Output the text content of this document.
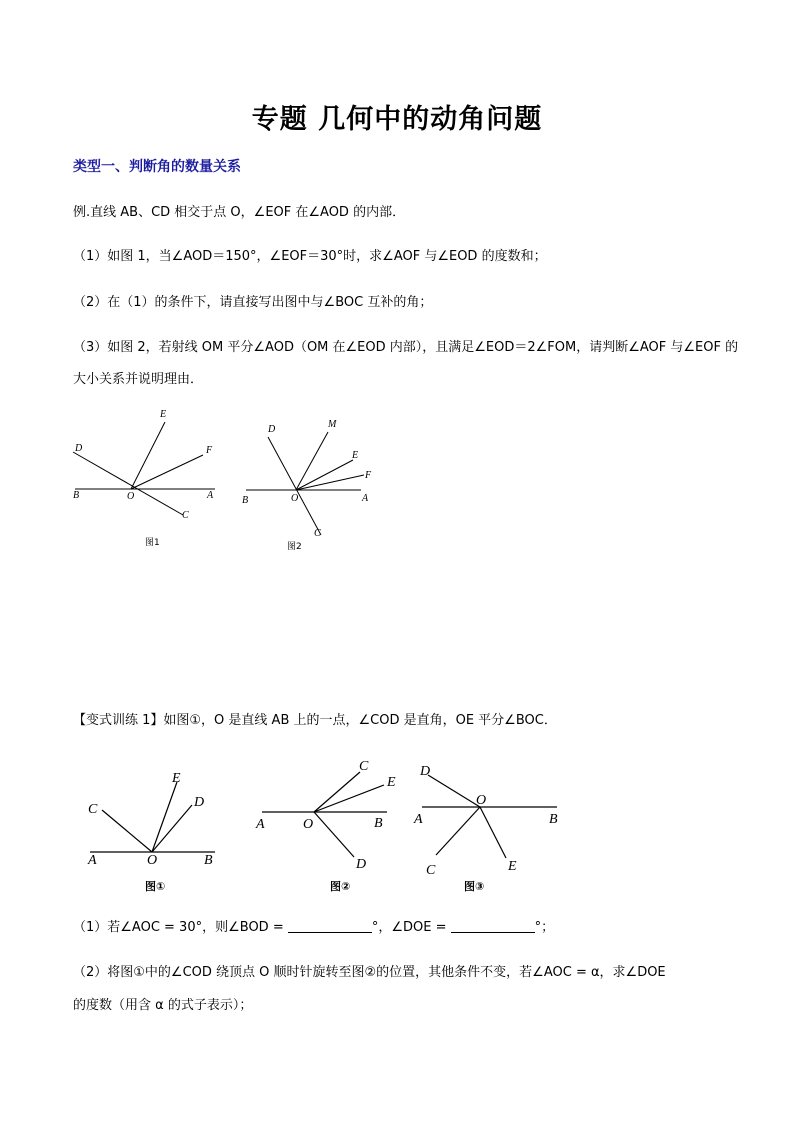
专题 几何中的动角问题
类型一、判断角的数量关系
例.直线 AB、CD 相交于点 O，∠EOF 在∠AOD 的内部．
（1）如图 1，当∠AOD＝150°，∠EOF＝30°时，求∠AOF 与∠EOD 的度数和；
（2）在（1）的条件下，请直接写出图中与∠BOC 互补的角；
（3）如图 2，若射线 OM 平分∠AOD（OM 在∠EOD 内部），且满足∠EOD＝2∠FOM，请判断∠AOF 与∠EOF 的
大小关系并说明理由．
D
E
F
B	O	A
C
图1
D	M
E
F
B	O	A
C
图2
【变式训练 1】如图①，O 是直线 AB 上的一点，∠COD 是直角，OE 平分∠BOC．
C
E
D
A	O	B
图①
C
E
A	O	B
D
图②
D
O
A	B
C	E
图③
（1）若∠AOC = 30°，则∠BOD =	°，∠DOE =	°；
（2）将图①中的∠COD 绕顶点 O 顺时针旋转至图②的位置，其他条件不变，若∠AOC = α，求∠DOE
的度数（用含 α 的式子表示）；
